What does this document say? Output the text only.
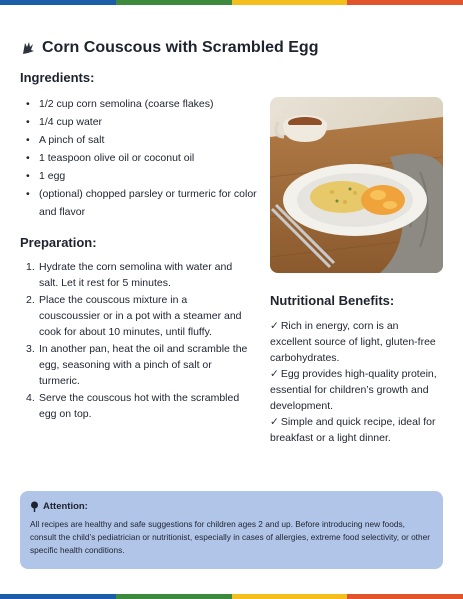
Corn Couscous with Scrambled Egg
Ingredients:
• 1/2 cup corn semolina (coarse flakes)
• 1/4 cup water
• A pinch of salt
• 1 teaspoon olive oil or coconut oil
• 1 egg
• (optional) chopped parsley or turmeric for color and flavor
Preparation:
1. Hydrate the corn semolina with water and salt. Let it rest for 5 minutes.
2. Place the couscous mixture in a couscoussier or in a pot with a steamer and cook for about 10 minutes, until fluffy.
3. In another pan, heat the oil and scramble the egg, seasoning with a pinch of salt or turmeric.
4. Serve the couscous hot with the scrambled egg on top.
Nutritional Benefits:
✓ Rich in energy, corn is an excellent source of light, gluten-free carbohydrates.
✓ Egg provides high-quality protein, essential for children’s growth and development.
✓ Simple and quick recipe, ideal for breakfast or a light dinner.
Attention:
All recipes are healthy and safe suggestions for children ages 2 and up. Before introducing new foods, consult the child’s pediatrician or nutritionist, especially in cases of allergies, extreme food selectivity, or other specific health conditions.
